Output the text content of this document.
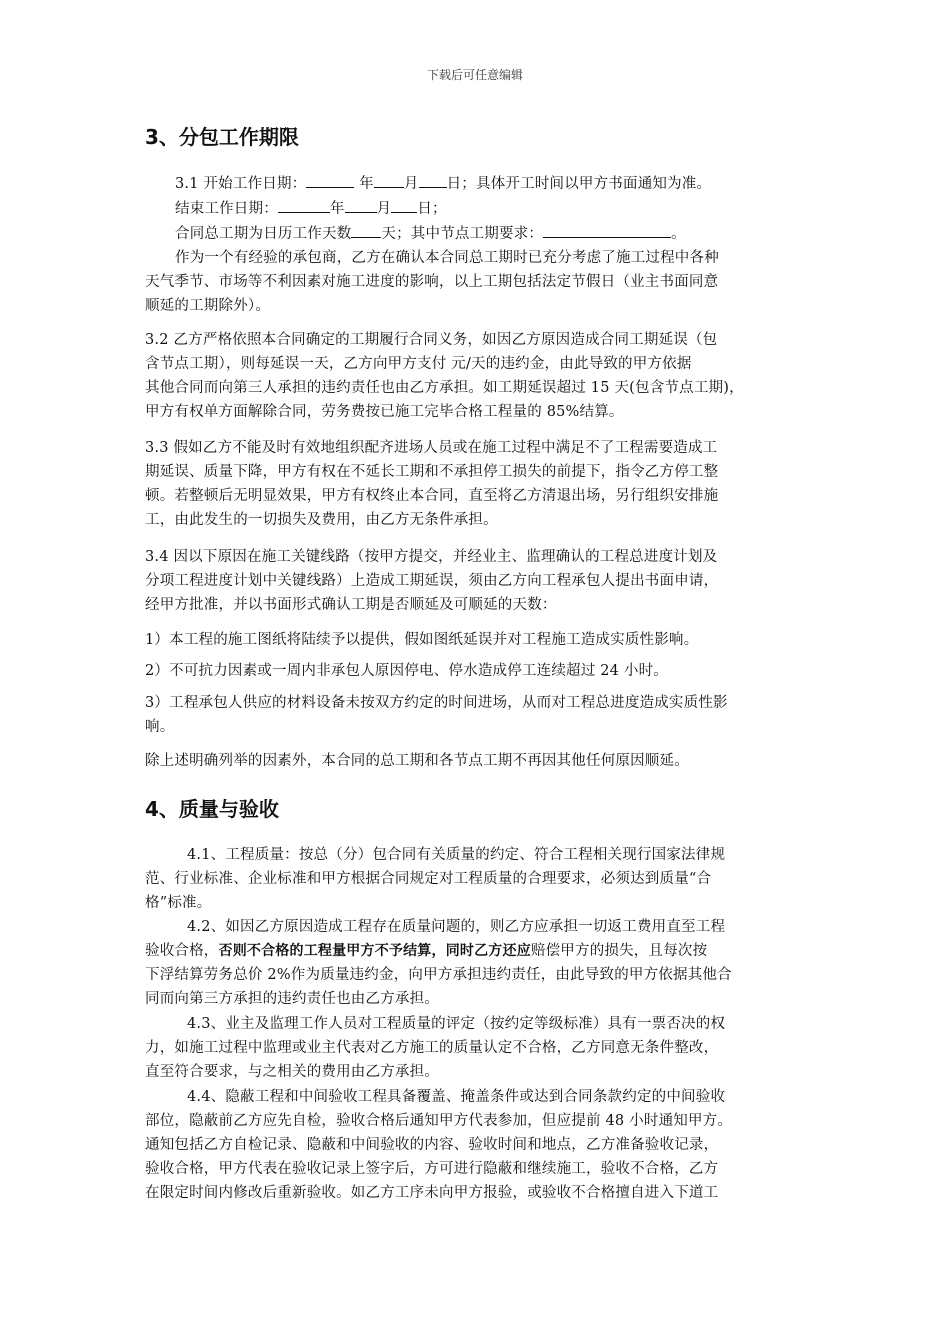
下载后可任意编辑
3、分包工作期限
3.1 开始工作日期：	年 月 日；具体开工时间以甲方书面通知为准。
结束工作日期：	年 月 日；
合同总工期为日历工作天数 天；其中节点工期要求：	。
作为一个有经验的承包商，乙方在确认本合同总工期时已充分考虑了施工过程中各种
天气季节、市场等不利因素对施工进度的影响，以上工期包括法定节假日（业主书面同意
顺延的工期除外）。
3.2 乙方严格依照本合同确定的工期履行合同义务，如因乙方原因造成合同工期延误（包
含节点工期），则每延误一天，乙方向甲方支付 元/天的违约金，由此导致的甲方依据
其他合同而向第三人承担的违约责任也由乙方承担。如工期延误超过 15 天(包含节点工期)，
甲方有权单方面解除合同，劳务费按已施工完毕合格工程量的 85%结算。
3.3 假如乙方不能及时有效地组织配齐进场人员或在施工过程中满足不了工程需要造成工
期延误、质量下降，甲方有权在不延长工期和不承担停工损失的前提下，指令乙方停工整
顿。若整顿后无明显效果，甲方有权终止本合同，直至将乙方清退出场，另行组织安排施
工，由此发生的一切损失及费用，由乙方无条件承担。
3.4 因以下原因在施工关键线路（按甲方提交，并经业主、监理确认的工程总进度计划及
分项工程进度计划中关键线路）上造成工期延误，须由乙方向工程承包人提出书面申请，
经甲方批准，并以书面形式确认工期是否顺延及可顺延的天数：
1）本工程的施工图纸将陆续予以提供，假如图纸延误并对工程施工造成实质性影响。
2）不可抗力因素或一周内非承包人原因停电、停水造成停工连续超过 24 小时。
3）工程承包人供应的材料设备未按双方约定的时间进场，从而对工程总进度造成实质性影
响。
除上述明确列举的因素外，本合同的总工期和各节点工期不再因其他任何原因顺延。
4、质量与验收
4.1、工程质量：按总（分）包合同有关质量的约定、符合工程相关现行国家法律规
范、行业标准、企业标准和甲方根据合同规定对工程质量的合理要求，必须达到质量“合
格”标准。
4.2、如因乙方原因造成工程存在质量问题的，则乙方应承担一切返工费用直至工程
验收合格，否则不合格的工程量甲方不予结算，同时乙方还应赔偿甲方的损失，且每次按
下浮结算劳务总价 2%作为质量违约金，向甲方承担违约责任，由此导致的甲方依据其他合
同而向第三方承担的违约责任也由乙方承担。
4.3、业主及监理工作人员对工程质量的评定（按约定等级标准）具有一票否决的权
力，如施工过程中监理或业主代表对乙方施工的质量认定不合格，乙方同意无条件整改，
直至符合要求，与之相关的费用由乙方承担。
4.4、隐蔽工程和中间验收工程具备覆盖、掩盖条件或达到合同条款约定的中间验收
部位，隐蔽前乙方应先自检，验收合格后通知甲方代表参加，但应提前 48 小时通知甲方。
通知包括乙方自检记录、隐蔽和中间验收的内容、验收时间和地点，乙方准备验收记录，
验收合格，甲方代表在验收记录上签字后，方可进行隐蔽和继续施工，验收不合格，乙方
在限定时间内修改后重新验收。如乙方工序未向甲方报验，或验收不合格擅自进入下道工
